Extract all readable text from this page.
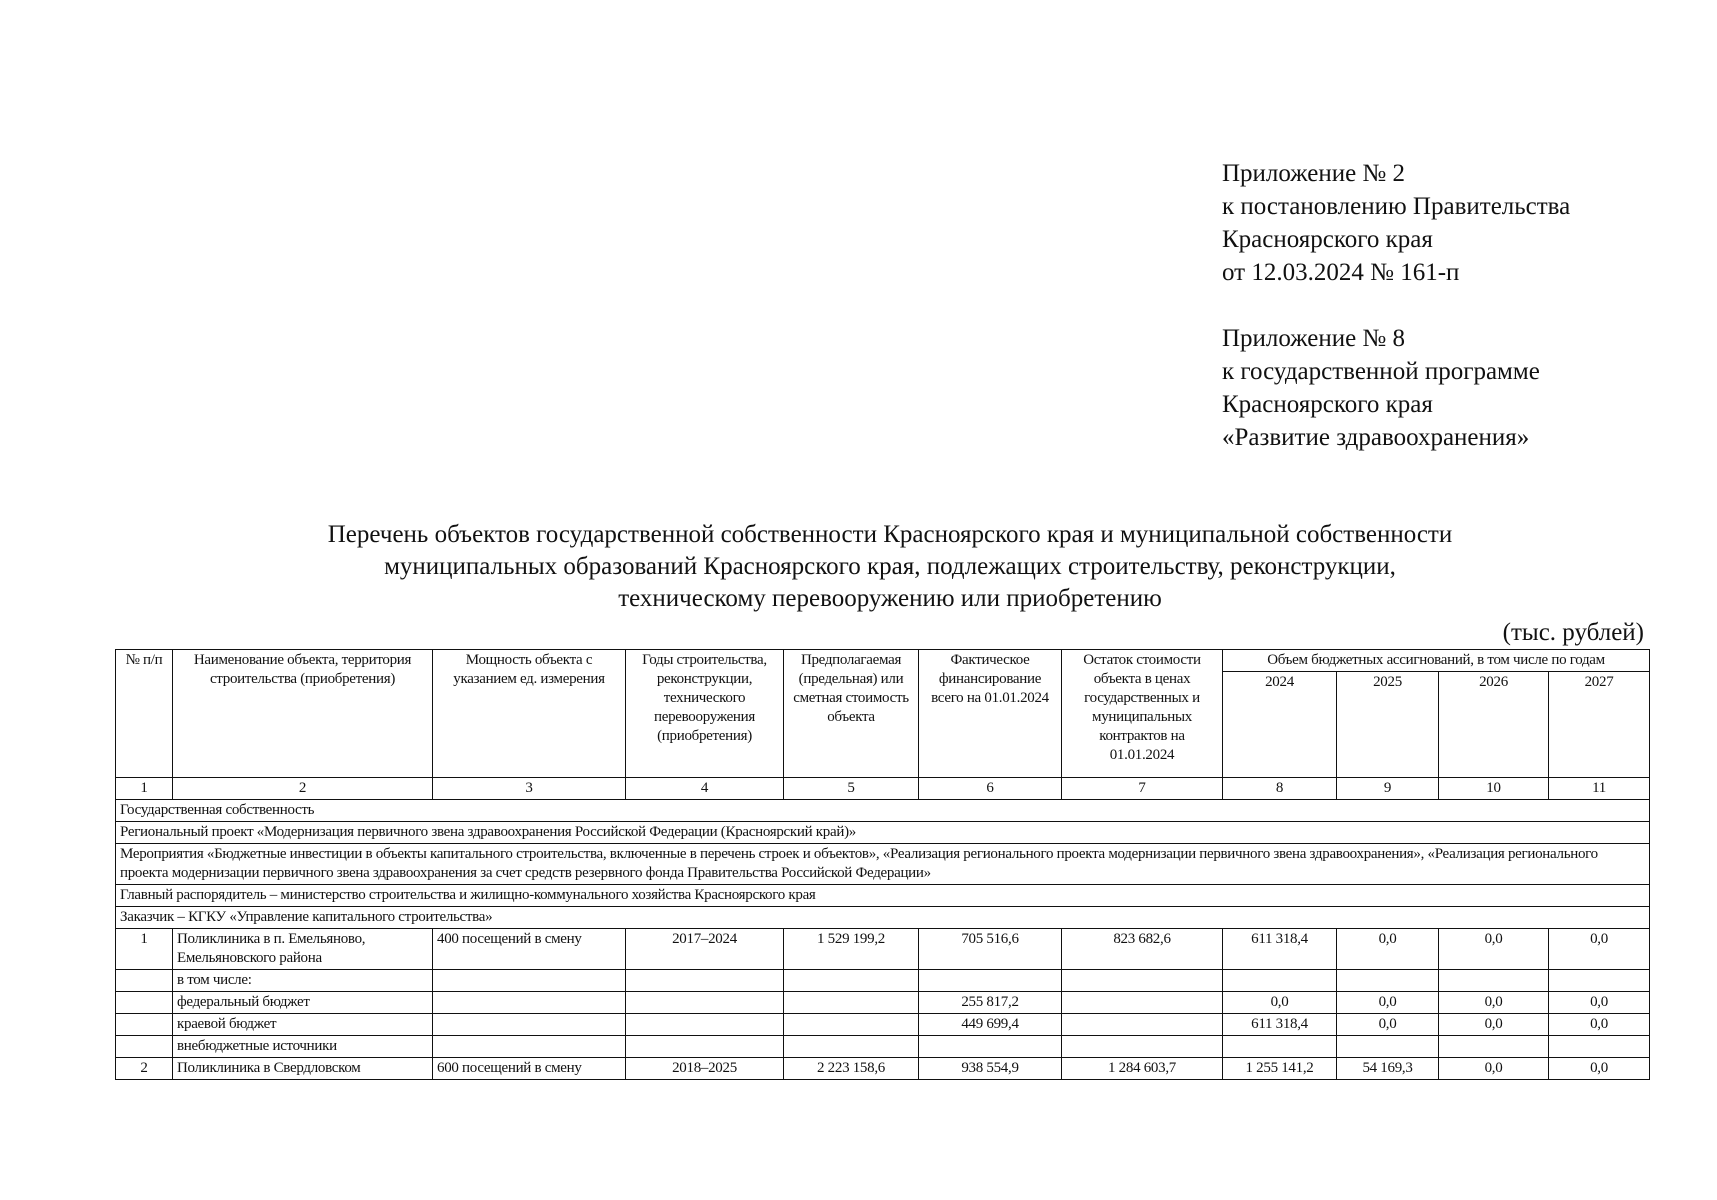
Приложение № 2
к постановлению Правительства
Красноярского края
от 12.03.2024 № 161-п
Приложение № 8
к государственной программе
Красноярского края
«Развитие здравоохранения»
Перечень объектов государственной собственности Красноярского края и муниципальной собственности
муниципальных образований Красноярского края, подлежащих строительству, реконструкции,
техническому перевооружению или приобретению
(тыс. рублей)
№ п/п	Наименование объекта, территория строительства (приобретения)	Мощность объекта с указанием ед. измерения	Годы строительства, реконструкции, технического перевооружения (приобретения)	Предполагаемая (предельная) или сметная стоимость объекта	Фактическое финансирование всего на 01.01.2024	Остаток стоимости объекта в ценах государственных и муниципальных контрактов на 01.01.2024	Объем бюджетных ассигнований, в том числе по годам			
							2024	2025	2026	2027
1	2	3	4	5	6	7	8	9	10	11
Государственная собственность										
Региональный проект «Модернизация первичного звена здравоохранения Российской Федерации (Красноярский край)»										
Мероприятия «Бюджетные инвестиции в объекты капитального строительства, включенные в перечень строек и объектов», «Реализация регионального проекта модернизации первичного звена здравоохранения», «Реализация регионального проекта модернизации первичного звена здравоохранения за счет средств резервного фонда Правительства Российской Федерации»										
Главный распорядитель – министерство строительства и жилищно-коммунального хозяйства Красноярского края										
Заказчик – КГКУ «Управление капитального строительства»										
1	Поликлиника в п. Емельяново, Емельяновского района	400 посещений в смену	2017–2024	1 529 199,2	705 516,6	823 682,6	611 318,4	0,0	0,0	0,0
	в том числе:									
	федеральный бюджет				255 817,2		0,0	0,0	0,0	0,0
	краевой бюджет				449 699,4		611 318,4	0,0	0,0	0,0
	внебюджетные источники									
2	Поликлиника в Свердловском	600 посещений в смену	2018–2025	2 223 158,6	938 554,9	1 284 603,7	1 255 141,2	54 169,3	0,0	0,0
